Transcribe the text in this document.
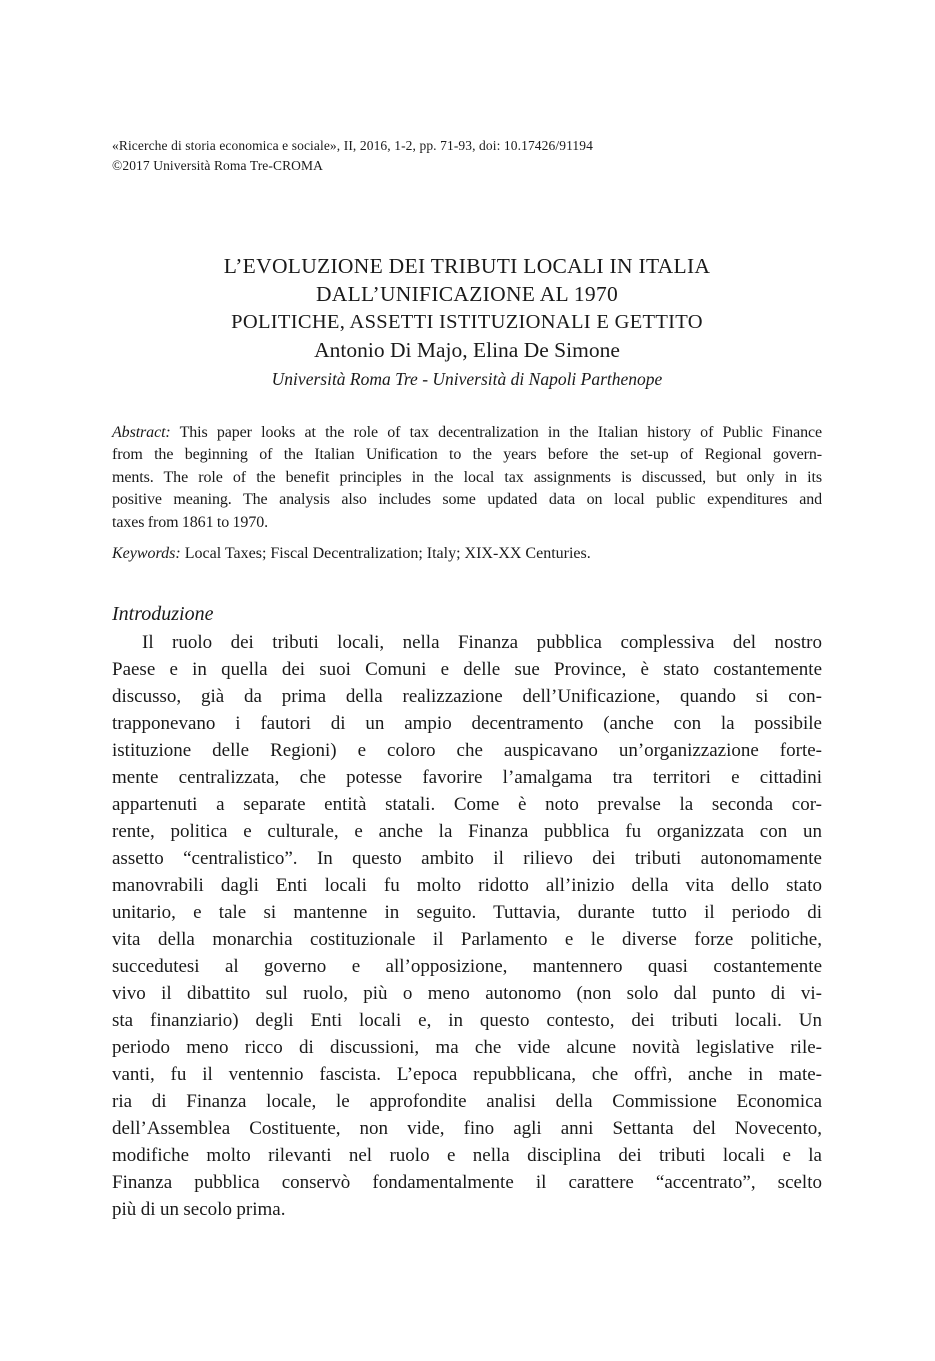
«Ricerche di storia economica e sociale», II, 2016, 1-2, pp. 71-93, doi: 10.17426/91194
©2017 Università Roma Tre-CROMA
L’EVOLUZIONE DEI TRIBUTI LOCALI IN ITALIA
DALL’UNIFICAZIONE AL 1970
POLITICHE, ASSETTI ISTITUZIONALI E GETTITO
Antonio Di Majo, Elina De Simone
Università Roma Tre - Università di Napoli Parthenope
Abstract: This paper looks at the role of tax decentralization in the Italian history of Public Finance
from the beginning of the Italian Unification to the years before the set-up of Regional govern-
ments. The role of the benefit principles in the local tax assignments is discussed, but only in its
positive meaning. The analysis also includes some updated data on local public expenditures and
taxes from 1861 to 1970.
Keywords: Local Taxes; Fiscal Decentralization; Italy; XIX-XX Centuries.
Introduzione
Il ruolo dei tributi locali, nella Finanza pubblica complessiva del nostro
Paese e in quella dei suoi Comuni e delle sue Province, è stato costantemente
discusso, già da prima della realizzazione dell’Unificazione, quando si con-
trapponevano i fautori di un ampio decentramento (anche con la possibile
istituzione delle Regioni) e coloro che auspicavano un’organizzazione forte-
mente centralizzata, che potesse favorire l’amalgama tra territori e cittadini
appartenuti a separate entità statali. Come è noto prevalse la seconda cor-
rente, politica e culturale, e anche la Finanza pubblica fu organizzata con un
assetto “centralistico”. In questo ambito il rilievo dei tributi autonomamente
manovrabili dagli Enti locali fu molto ridotto all’inizio della vita dello stato
unitario, e tale si mantenne in seguito. Tuttavia, durante tutto il periodo di
vita della monarchia costituzionale il Parlamento e le diverse forze politiche,
succedutesi al governo e all’opposizione, mantennero quasi costantemente
vivo il dibattito sul ruolo, più o meno autonomo (non solo dal punto di vi-
sta finanziario) degli Enti locali e, in questo contesto, dei tributi locali. Un
periodo meno ricco di discussioni, ma che vide alcune novità legislative rile-
vanti, fu il ventennio fascista. L’epoca repubblicana, che offrì, anche in mate-
ria di Finanza locale, le approfondite analisi della Commissione Economica
dell’Assemblea Costituente, non vide, fino agli anni Settanta del Novecento,
modifiche molto rilevanti nel ruolo e nella disciplina dei tributi locali e la
Finanza pubblica conservò fondamentalmente il carattere “accentrato”, scelto
più di un secolo prima.
